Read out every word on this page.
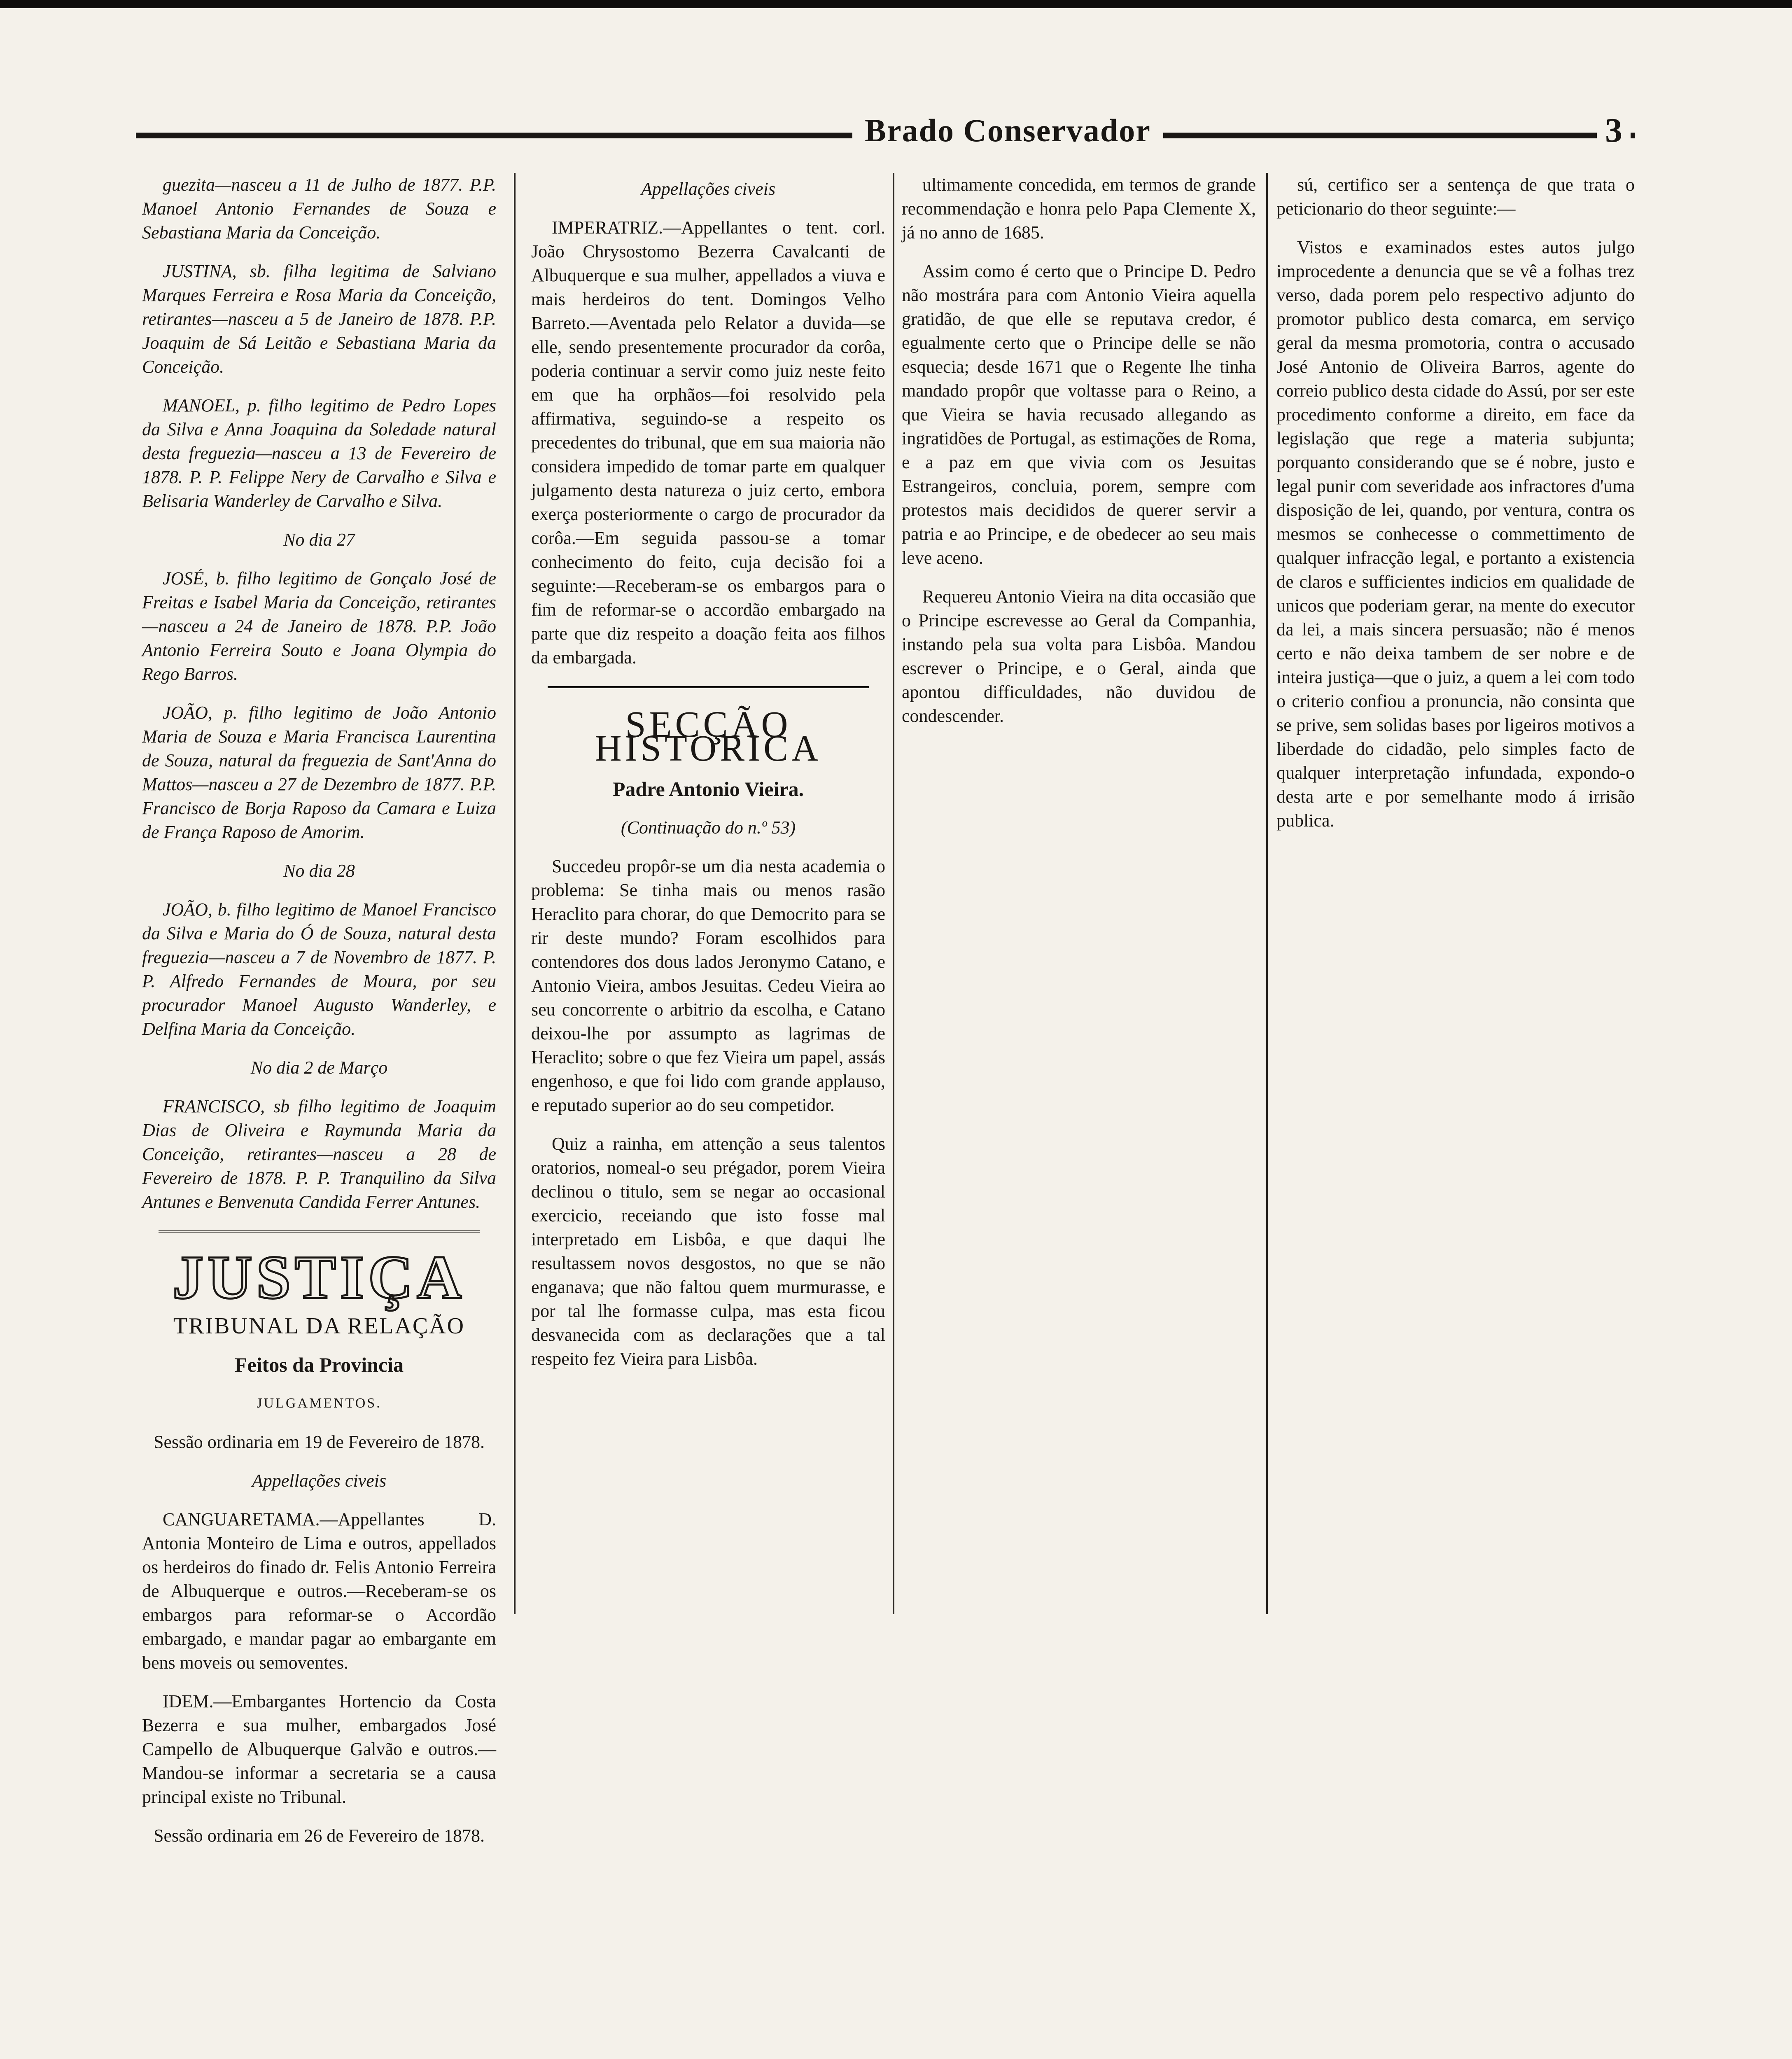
Brado Conservador	3

guezita—nasceu a 11 de Julho de 1877. P.P. Manoel Antonio Fernandes de Souza e Sebastiana Maria da Conceição.

JUSTINA, sb. filha legitima de Salviano Marques Ferreira e Rosa Maria da Conceição, retirantes—nasceu a 5 de Janeiro de 1878. P.P. Joaquim de Sá Leitão e Sebastiana Maria da Conceição.

MANOEL, p. filho legitimo de Pedro Lopes da Silva e Anna Joaquina da Soledade natural desta freguezia—nasceu a 13 de Fevereiro de 1878. P. P. Felippe Nery de Carvalho e Silva e Belisaria Wanderley de Carvalho e Silva.

No dia 27

JOSÉ, b. filho legitimo de Gonçalo José de Freitas e Isabel Maria da Conceição, retirantes—nasceu a 24 de Janeiro de 1878. P.P. João Antonio Ferreira Souto e Joana Olympia do Rego Barros.

JOÃO, p. filho legitimo de João Antonio Maria de Souza e Maria Francisca Laurentina de Souza, natural da freguezia de Sant'Anna do Mattos—nasceu a 27 de Dezembro de 1877. P.P. Francisco de Borja Raposo da Camara e Luiza de França Raposo de Amorim.

No dia 28

JOÃO, b. filho legitimo de Manoel Francisco da Silva e Maria do Ó de Souza, natural desta freguezia—nasceu a 7 de Novembro de 1877. P. P. Alfredo Fernandes de Moura, por seu procurador Manoel Augusto Wanderley, e Delfina Maria da Conceição.

No dia 2 de Março

FRANCISCO, sb filho legitimo de Joaquim Dias de Oliveira e Raymunda Maria da Conceição, retirantes—nasceu a 28 de Fevereiro de 1878. P. P. Tranquilino da Silva Antunes e Benvenuta Candida Ferrer Antunes.

JUSTIÇA

TRIBUNAL DA RELAÇÃO

Feitos da Provincia

JULGAMENTOS.

Sessão ordinaria em 19 de Fevereiro de 1878.

Appellações civeis

CANGUARETAMA.—Appellantes D. Antonia Monteiro de Lima e outros, appellados os herdeiros do finado dr. Felis Antonio Ferreira de Albuquerque e outros.—Receberam-se os embargos para reformar-se o Accordão embargado, e mandar pagar ao embargante em bens moveis ou semoventes.

IDEM.—Embargantes Hortencio da Costa Bezerra e sua mulher, embargados José Campello de Albuquerque Galvão e outros.—Mandou-se informar a secretaria se a causa principal existe no Tribunal.

Sessão ordinaria em 26 de Fevereiro de 1878.

Appellações civeis

IMPERATRIZ.—Appellantes o tent. corl. João Chrysostomo Bezerra Cavalcanti de Albuquerque e sua mulher, appellados a viuva e mais herdeiros do tent. Domingos Velho Barreto.—Aventada pelo Relator a duvida—se elle, sendo presentemente procurador da corôa, poderia continuar a servir como juiz neste feito em que ha orphãos—foi resolvido pela affirmativa, seguindo-se a respeito os precedentes do tribunal, que em sua maioria não considera impedido de tomar parte em qualquer julgamento desta natureza o juiz certo, embora exerça posteriormente o cargo de procurador da corôa.—Em seguida passou-se a tomar conhecimento do feito, cuja decisão foi a seguinte:—Receberam-se os embargos para o fim de reformar-se o accordão embargado na parte que diz respeito a doação feita aos filhos da embargada.

SECÇÃO HISTORICA

Padre Antonio Vieira.

(Continuação do n.º 53)

Succedeu propôr-se um dia nesta academia o problema: Se tinha mais ou menos rasão Heraclito para chorar, do que Democrito para se rir deste mundo? Foram escolhidos para contendores dos dous lados Jeronymo Catano, e Antonio Vieira, ambos Jesuitas. Cedeu Vieira ao seu concorrente o arbitrio da escolha, e Catano deixou-lhe por assumpto as lagrimas de Heraclito; sobre o que fez Vieira um papel, assás engenhoso, e que foi lido com grande applauso, e reputado superior ao do seu competidor.

Quiz a rainha, em attenção a seus talentos oratorios, nomeal-o seu prégador, porem Vieira declinou o titulo, sem se negar ao occasional exercicio, receiando que isto fosse mal interpretado em Lisbôa, e que daqui lhe resultassem novos desgostos, no que se não enganava; que não faltou quem murmurasse, e por tal lhe formasse culpa, mas esta ficou desvanecida com as declarações que a tal respeito fez Vieira para Lisbôa.

ultimamente concedida, em termos de grande recommendação e honra pelo Papa Clemente X, já no anno de 1685.

Assim como é certo que o Principe D. Pedro não mostrára para com Antonio Vieira aquella gratidão, de que elle se reputava credor, é egualmente certo que o Principe delle se não esquecia; desde 1671 que o Regente lhe tinha mandado propôr que voltasse para o Reino, a que Vieira se havia recusado allegando as ingratidões de Portugal, as estimações de Roma, e a paz em que vivia com os Jesuitas Estrangeiros, concluia, porem, sempre com protestos mais decididos de querer servir a patria e ao Principe, e de obedecer ao seu mais leve aceno.

Requereu Antonio Vieira na dita occasião que o Principe escrevesse ao Geral da Companhia, instando pela sua volta para Lisbôa. Mandou escrever o Principe, e o Geral, ainda que apontou difficuldades, não duvidou de condescender.

sú, certifico ser a sentença de que trata o peticionario do theor seguinte:—

Vistos e examinados estes autos julgo improcedente a denuncia que se vê a folhas trez verso, dada porem pelo respectivo adjunto do promotor publico desta comarca, em serviço geral da mesma promotoria, contra o accusado José Antonio de Oliveira Barros, agente do correio publico desta cidade do Assú, por ser este procedimento conforme a direito, em face da legislação que rege a materia subjunta; porquanto considerando que se é nobre, justo e legal punir com severidade aos infractores d'uma disposição de lei, quando, por ventura, contra os mesmos se conhecesse o commettimento de qualquer infracção legal, e portanto a existencia de claros e sufficientes indicios em qualidade de unicos que poderiam gerar, na mente do executor da lei, a mais sincera persuasão; não é menos certo e não deixa tambem de ser nobre e de inteira justiça—que o juiz, a quem a lei com todo o criterio confiou a pronuncia, não consinta que se prive, sem solidas bases por ligeiros motivos a liberdade do cidadão, pelo simples facto de qualquer interpretação infundada, expondo-o desta arte e por semelhante modo á irrisão publica.
